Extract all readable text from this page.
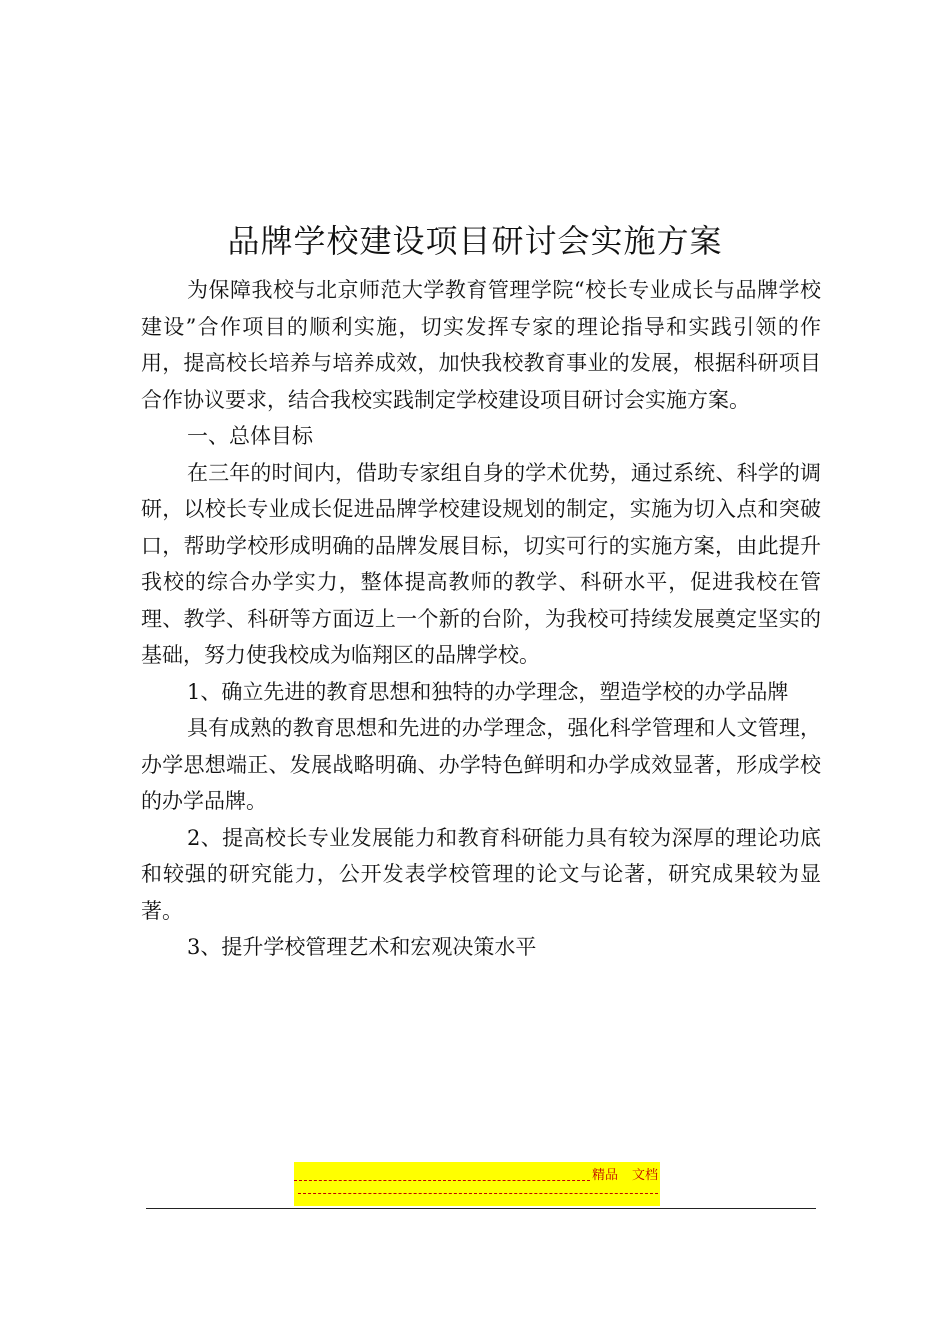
品牌学校建设项目研讨会实施方案

为保障我校与北京师范大学教育管理学院“校长专业成长与品牌学校建设”合作项目的顺利实施，切实发挥专家的理论指导和实践引领的作用，提高校长培养与培养成效，加快我校教育事业的发展，根据科研项目合作协议要求，结合我校实践制定学校建设项目研讨会实施方案。

一、总体目标

在三年的时间内，借助专家组自身的学术优势，通过系统、科学的调研，以校长专业成长促进品牌学校建设规划的制定，实施为切入点和突破口，帮助学校形成明确的品牌发展目标，切实可行的实施方案，由此提升我校的综合办学实力，整体提高教师的教学、科研水平，促进我校在管理、教学、科研等方面迈上一个新的台阶，为我校可持续发展奠定坚实的基础，努力使我校成为临翔区的品牌学校。

1、确立先进的教育思想和独特的办学理念，塑造学校的办学品牌

具有成熟的教育思想和先进的办学理念，强化科学管理和人文管理，办学思想端正、发展战略明确、办学特色鲜明和办学成效显著，形成学校的办学品牌。

2、提高校长专业发展能力和教育科研能力具有较为深厚的理论功底和较强的研究能力，公开发表学校管理的论文与论著，研究成果较为显著。

3、提升学校管理艺术和宏观决策水平

精品 文档
